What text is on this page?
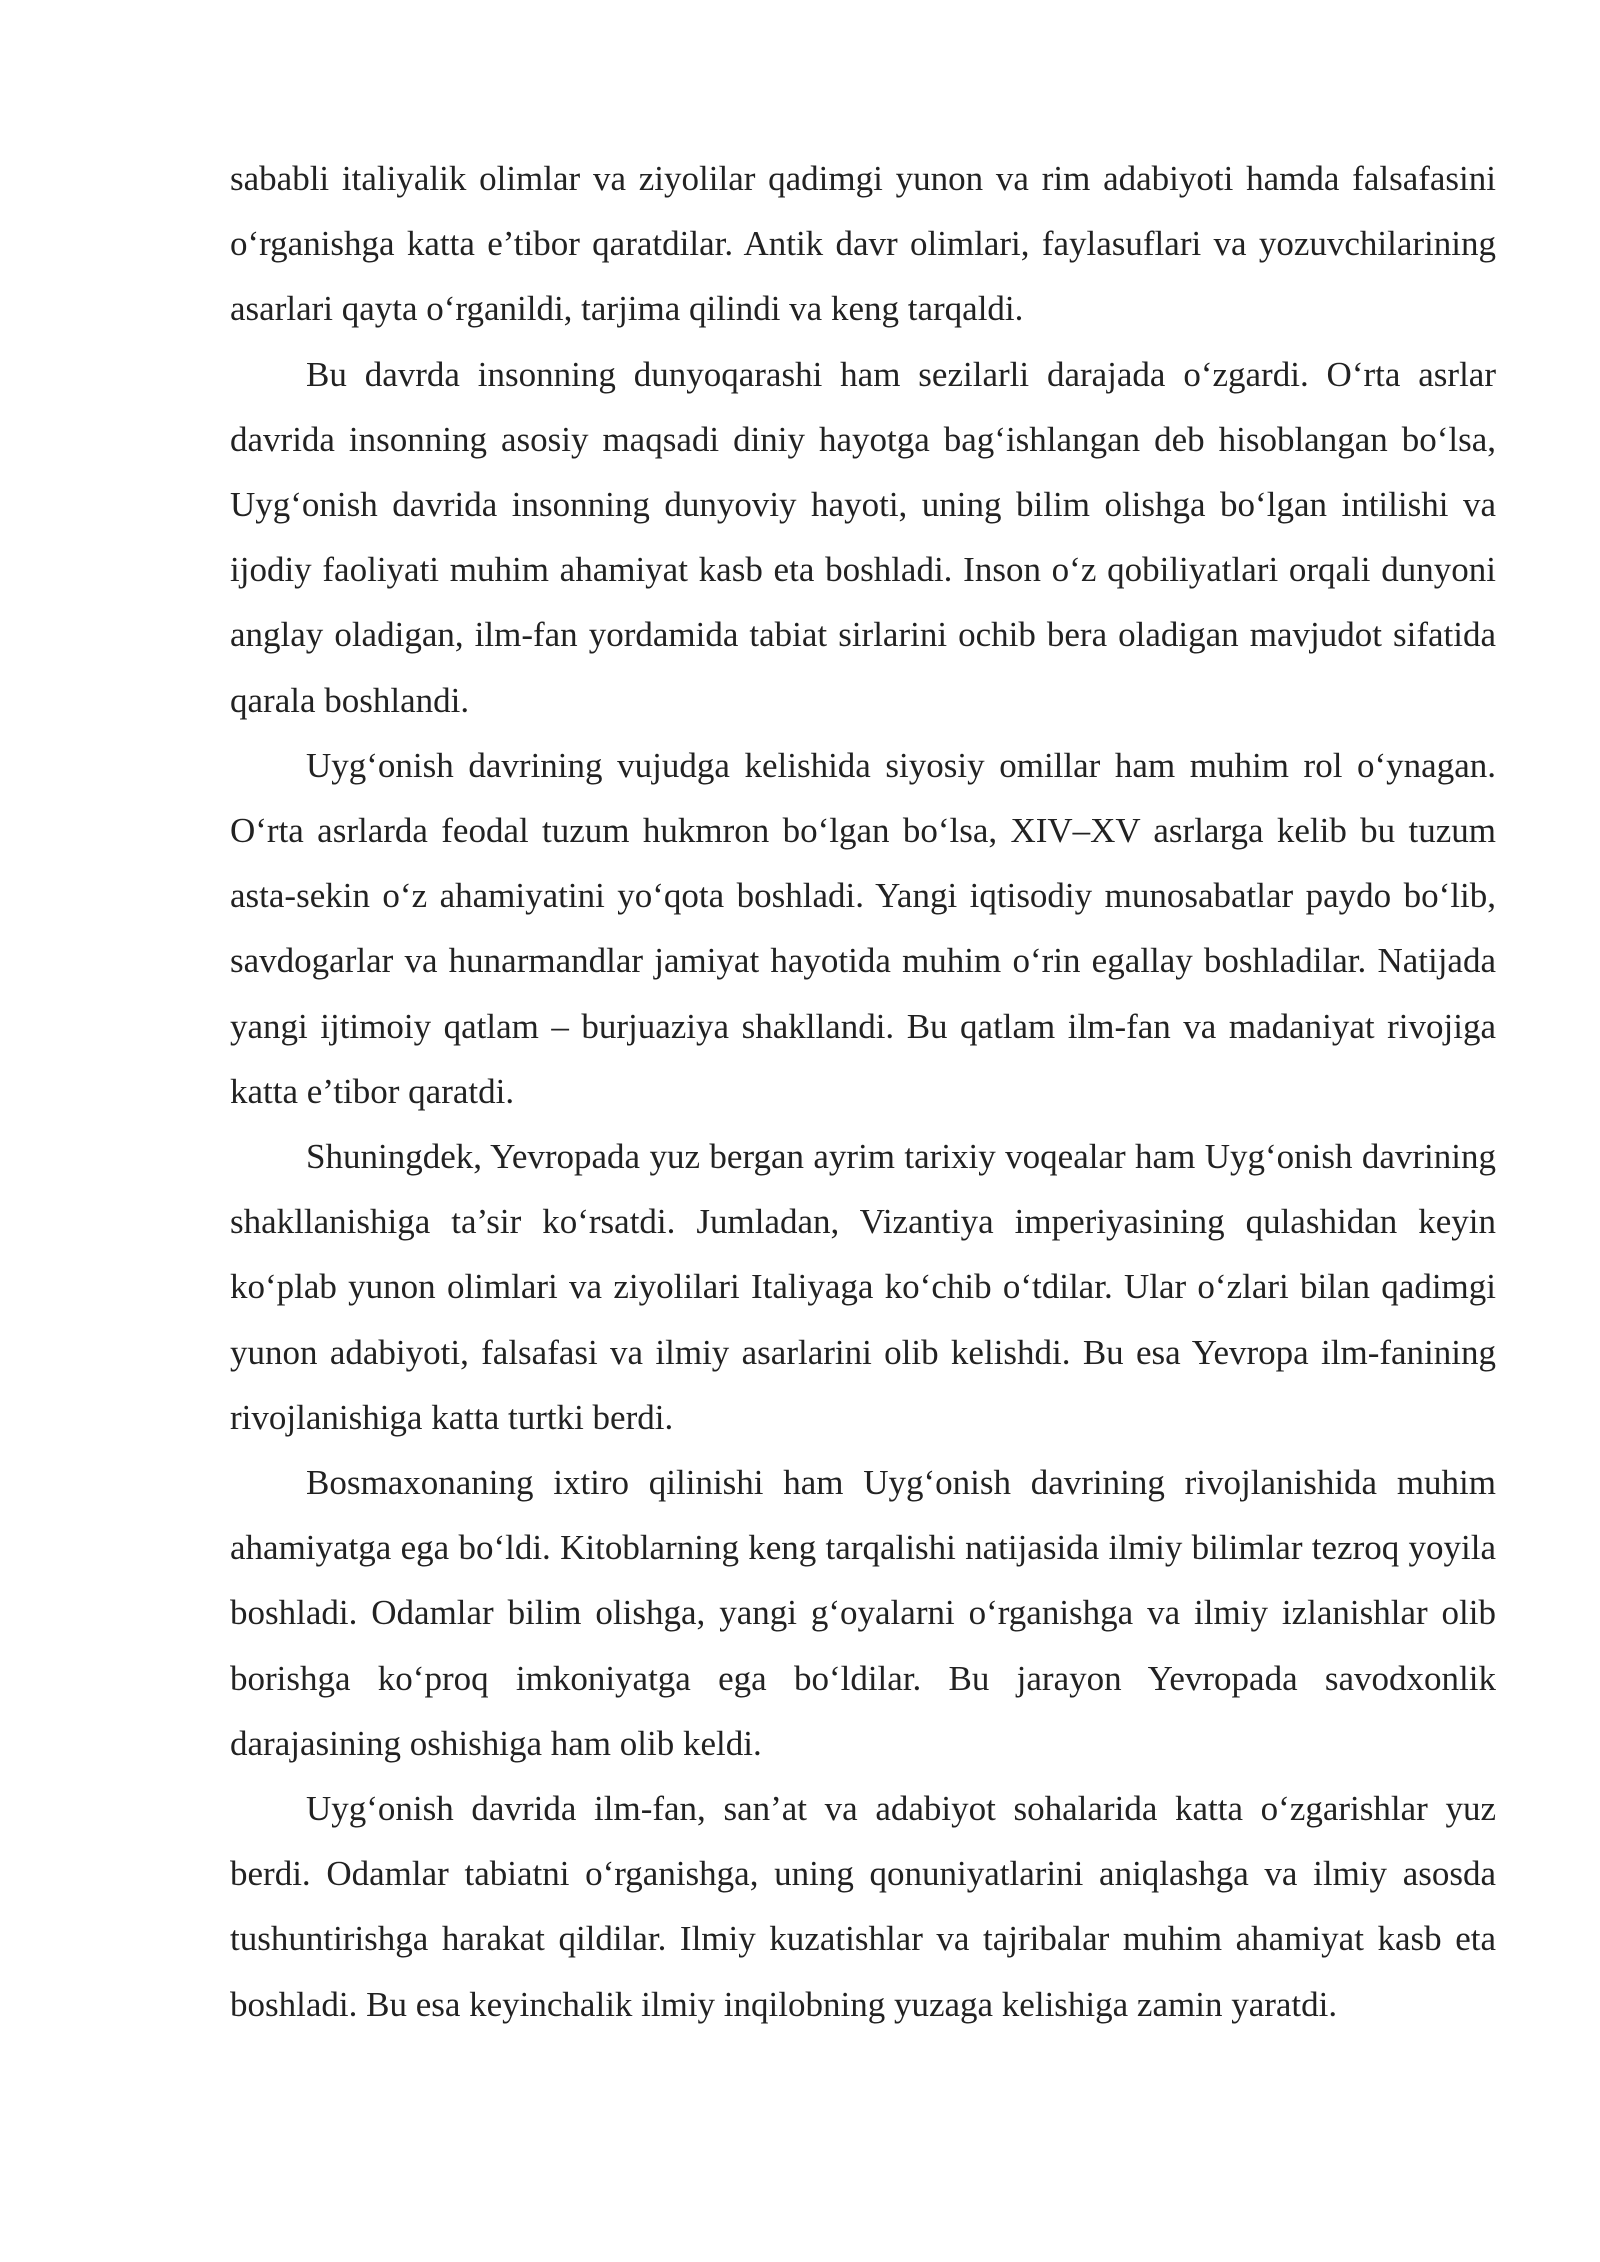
sababli italiyalik olimlar va ziyolilar qadimgi yunon va rim adabiyoti hamda falsafasini o‘rganishga katta e’tibor qaratdilar. Antik davr olimlari, faylasuflari va yozuvchilarining asarlari qayta o‘rganildi, tarjima qilindi va keng tarqaldi.

Bu davrda insonning dunyoqarashi ham sezilarli darajada o‘zgardi. O‘rta asrlar davrida insonning asosiy maqsadi diniy hayotga bag‘ishlangan deb hisoblangan bo‘lsa, Uyg‘onish davrida insonning dunyoviy hayoti, uning bilim olishga bo‘lgan intilishi va ijodiy faoliyati muhim ahamiyat kasb eta boshladi. Inson o‘z qobiliyatlari orqali dunyoni anglay oladigan, ilm-fan yordamida tabiat sirlarini ochib bera oladigan mavjudot sifatida qarala boshlandi.

Uyg‘onish davrining vujudga kelishida siyosiy omillar ham muhim rol o‘ynagan. O‘rta asrlarda feodal tuzum hukmron bo‘lgan bo‘lsa, XIV–XV asrlarga kelib bu tuzum asta-sekin o‘z ahamiyatini yo‘qota boshladi. Yangi iqtisodiy munosabatlar paydo bo‘lib, savdogarlar va hunarmandlar jamiyat hayotida muhim o‘rin egallay boshladilar. Natijada yangi ijtimoiy qatlam – burjuaziya shakllandi. Bu qatlam ilm-fan va madaniyat rivojiga katta e’tibor qaratdi.

Shuningdek, Yevropada yuz bergan ayrim tarixiy voqealar ham Uyg‘onish davrining shakllanishiga ta’sir ko‘rsatdi. Jumladan, Vizantiya imperiyasining qulashidan keyin ko‘plab yunon olimlari va ziyolilari Italiyaga ko‘chib o‘tdilar. Ular o‘zlari bilan qadimgi yunon adabiyoti, falsafasi va ilmiy asarlarini olib kelishdi. Bu esa Yevropa ilm-fanining rivojlanishiga katta turtki berdi.

Bosmaxonaning ixtiro qilinishi ham Uyg‘onish davrining rivojlanishida muhim ahamiyatga ega bo‘ldi. Kitoblarning keng tarqalishi natijasida ilmiy bilimlar tezroq yoyila boshladi. Odamlar bilim olishga, yangi g‘oyalarni o‘rganishga va ilmiy izlanishlar olib borishga ko‘proq imkoniyatga ega bo‘ldilar. Bu jarayon Yevropada savodxonlik darajasining oshishiga ham olib keldi.

Uyg‘onish davrida ilm-fan, san’at va adabiyot sohalarida katta o‘zgarishlar yuz berdi. Odamlar tabiatni o‘rganishga, uning qonuniyatlarini aniqlashga va ilmiy asosda tushuntirishga harakat qildilar. Ilmiy kuzatishlar va tajribalar muhim ahamiyat kasb eta boshladi. Bu esa keyinchalik ilmiy inqilobning yuzaga kelishiga zamin yaratdi.
